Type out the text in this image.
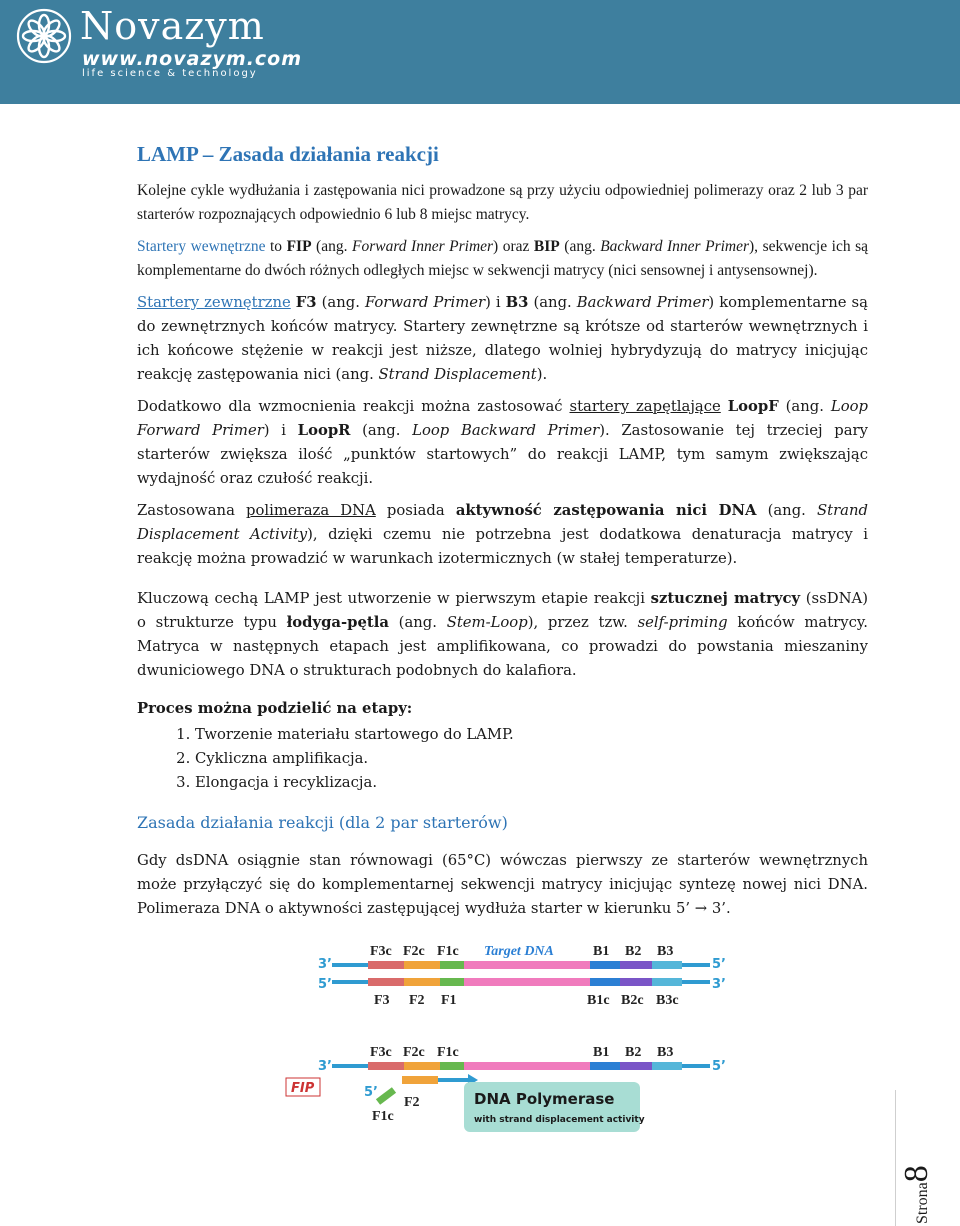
Novazym
www.novazym.com
life science & technology
LAMP – Zasada działania reakcji

Kolejne cykle wydłużania i zastępowania nici prowadzone są przy użyciu odpowiedniej polimerazy oraz 2 lub 3 par starterów rozpoznających odpowiednio 6 lub 8 miejsc matrycy.

Startery wewnętrzne to FIP (ang. Forward Inner Primer) oraz BIP (ang. Backward Inner Primer), sekwencje ich są komplementarne do dwóch różnych odległych miejsc w sekwencji matrycy (nici sensownej i antysensownej).

Startery zewnętrzne F3 (ang. Forward Primer) i B3 (ang. Backward Primer) komplementarne są do zewnętrznych końców matrycy. Startery zewnętrzne są krótsze od starterów wewnętrznych i ich końcowe stężenie w reakcji jest niższe, dlatego wolniej hybrydyzują do matrycy inicjując reakcję zastępowania nici (ang. Strand Displacement).

Dodatkowo dla wzmocnienia reakcji można zastosować startery zapętlające LoopF (ang. Loop Forward Primer) i LoopR (ang. Loop Backward Primer). Zastosowanie tej trzeciej pary starterów zwiększa ilość „punktów startowych” do reakcji LAMP, tym samym zwiększając wydajność oraz czułość reakcji.

Zastosowana polimeraza DNA posiada aktywność zastępowania nici DNA (ang. Strand Displacement Activity), dzięki czemu nie potrzebna jest dodatkowa denaturacja matrycy i reakcję można prowadzić w warunkach izotermicznych (w stałej temperaturze).

Kluczową cechą LAMP jest utworzenie w pierwszym etapie reakcji sztucznej matrycy (ssDNA) o strukturze typu łodyga-pętla (ang. Stem-Loop), przez tzw. self-priming końców matrycy. Matryca w następnych etapach jest amplifikowana, co prowadzi do powstania mieszaniny dwuniciowego DNA o strukturach podobnych do kalafiora.

Proces można podzielić na etapy:
1. Tworzenie materiału startowego do LAMP.
2. Cykliczna amplifikacja.
3. Elongacja i recyklizacja.
Zasada działania reakcji (dla 2 par starterów)

Gdy dsDNA osiągnie stan równowagi (65°C) wówczas pierwszy ze starterów wewnętrznych może przyłączyć się do komplementarnej sekwencji matrycy inicjując syntezę nowej nici DNA. Polimeraza DNA o aktywności zastępującej wydłuża starter w kierunku 5’ → 3’.

3’	5’
5’	3’
F3c F2c F1c Target DNA	B1 B2 B3
F3 F2 F1	B1c B2c B3c
F3c F2c F1c	B1 B2 B3
3’	5’
FIP	5’
F2
F1c
DNA Polymerase
with strand displacement activity
Strona8
